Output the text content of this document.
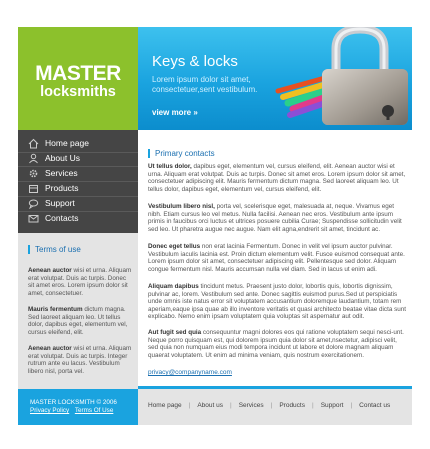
MASTER
locksmiths
Keys & locks
Lorem ipsum dolor sit amet, consectetuer,sent vestibulum.
view more »
Home page
About Us
Services
Products
Support
Contacts
Terms of use
Aenean auctor wisi et urna. Aliquam erat volutpat. Duis ac turpis. Donec sit amet eros. Lorem ipsum dolor sit amet, consectetuer.
Mauris fermentum dictum magna. Sed laoreet aliquam leo. Ut tellus dolor, dapibus eget, elementum vel, cursus eleifend, elit.
Aenean auctor wisi et urna. Aliquam erat volutpat. Duis ac turpis. Integer rutrum ante eu lacus. Vestibulum libero nisl, porta vel.
Primary contacts
Ut tellus dolor, dapibus eget, elementum vel, cursus eleifend, elit. Aenean auctor wisi et urna. Aliquam erat volutpat. Duis ac turpis. Donec sit amet eros. Lorem ipsum dolor sit amet, consectetuer adipiscing elit. Mauris fermentum dictum magna. Sed laoreet aliquam leo. Ut tellus dolor, dapibus eget, elementum vel, cursus eleifend, elit.
Vestibulum libero nisl, porta vel, scelerisque eget, malesuada at, neque. Vivamus eget nibh. Etiam cursus leo vel metus. Nulla facilisi. Aenean nec eros. Vestibulum ante ipsum primis in faucibus orci luctus et ultrices posuere cubilia Curae; Suspendisse sollicitudin velit sed leo. Ut pharetra augue nec augue. Nam elit agna,endrerit sit amet, tincidunt ac.
Donec eget tellus non erat lacinia Fermentum. Donec in velit vel ipsum auctor pulvinar. Vestibulum iaculis lacinia est. Proin dictum elementum velit. Fusce euismod consequat ante. Lorem ipsum dolor sit amet, consectetuer adipiscing elit. Pellentesque sed dolor. Aliquam congue fermentum nisl. Mauris accumsan nulla vel diam. Sed in lacus ut enim adi.
Aliquam dapibus tincidunt metus. Praesent justo dolor, lobortis quis, lobortis dignissim, pulvinar ac, lorem. Vestibulum sed ante. Donec sagittis euismod purus.Sed ut perspiciatis unde omnis iste natus error sit voluptatem accusantium doloremque laudantium, totam rem aperiam,eaque ipsa quae ab illo inventore veritatis et quasi architecto beatae vitae dicta sunt explicabo. Nemo enim ipsam voluptatem quia voluptas sit aspernatur aut odit.
Aut fugit sed quia consequuntur magni dolores eos qui ratione voluptatem sequi nesci-unt. Neque porro quisquam est, qui dolorem ipsum quia dolor sit amet,nsectetur, adipisci velit, sed quia non numquam eius modi tempora incidunt ut labore et dolore magnam aliquam quaerat voluptatem. Ut enim ad minima veniam, quis nostrum exercitationem.
privacy@companyname.com
MASTER LOCKSMITH © 2006
Privacy Policy Terms Of Use
Home page | About us | Services | Products | Support | Contact us
